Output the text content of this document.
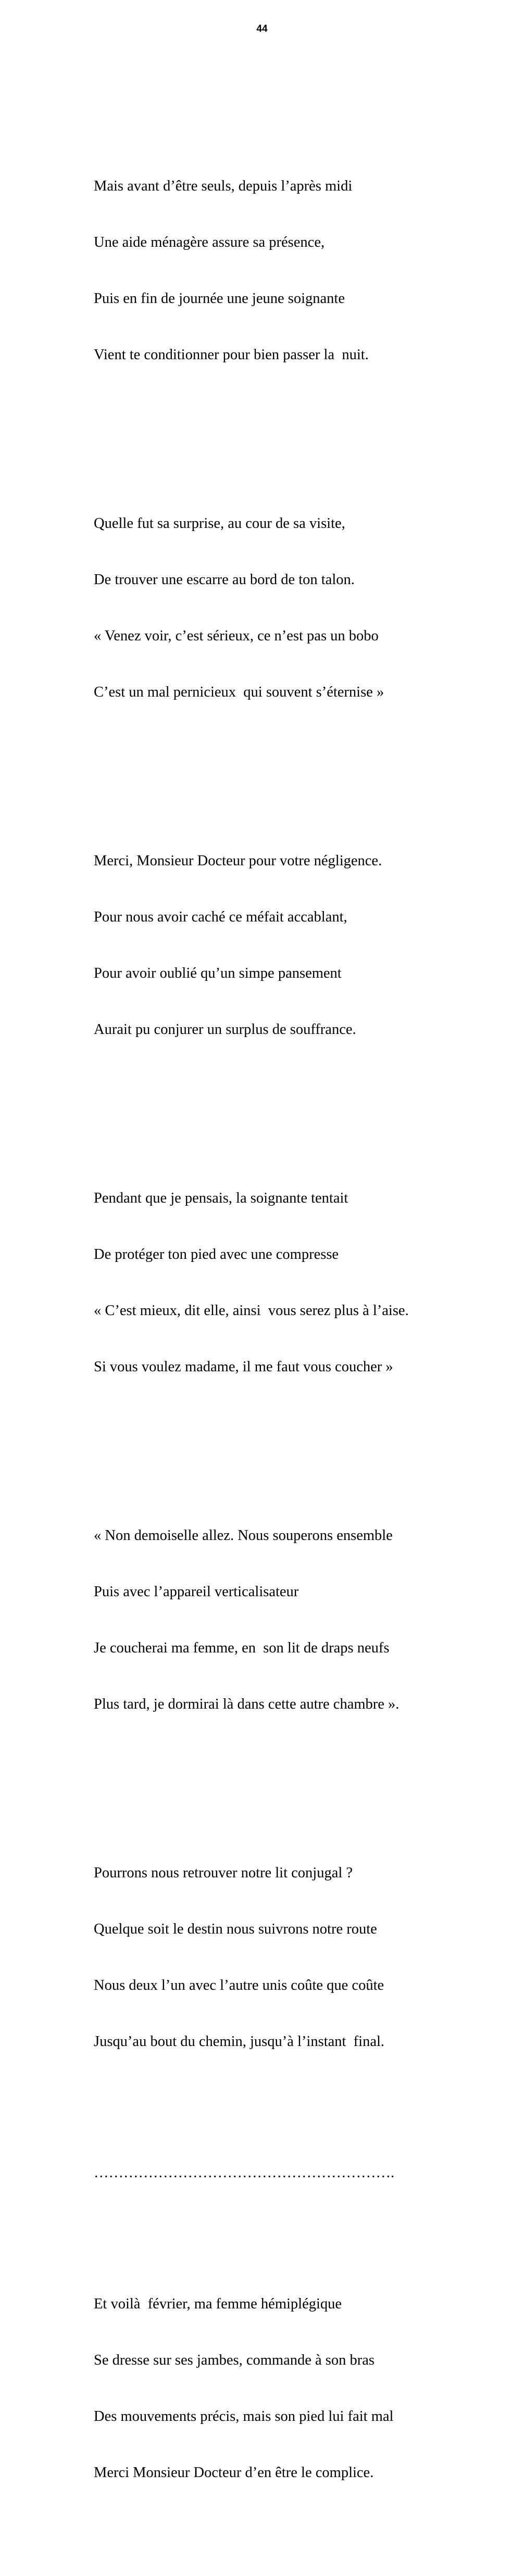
44

Mais avant d’être seuls, depuis l’après midi

Une aide ménagère assure sa présence,

Puis en fin de journée une jeune soignante

Vient te conditionner pour bien passer la  nuit.

Quelle fut sa surprise, au cour de sa visite,

De trouver une escarre au bord de ton talon.

« Venez voir, c’est sérieux, ce n’est pas un bobo

C’est un mal pernicieux  qui souvent s’éternise »

Merci, Monsieur Docteur pour votre négligence.

Pour nous avoir caché ce méfait accablant,

Pour avoir oublié qu’un simpe pansement

Aurait pu conjurer un surplus de souffrance.

Pendant que je pensais, la soignante tentait

De protéger ton pied avec une compresse

« C’est mieux, dit elle, ainsi  vous serez plus à l’aise.

Si vous voulez madame, il me faut vous coucher »

« Non demoiselle allez. Nous souperons ensemble

Puis avec l’appareil verticalisateur

Je coucherai ma femme, en  son lit de draps neufs

Plus tard, je dormirai là dans cette autre chambre ».

Pourrons nous retrouver notre lit conjugal ?

Quelque soit le destin nous suivrons notre route

Nous deux l’un avec l’autre unis coûte que coûte

Jusqu’au bout du chemin, jusqu’à l’instant  final.

…………………………………………………….

Et voilà  février, ma femme hémiplégique

Se dresse sur ses jambes, commande à son bras

Des mouvements précis, mais son pied lui fait mal

Merci Monsieur Docteur d’en être le complice.
